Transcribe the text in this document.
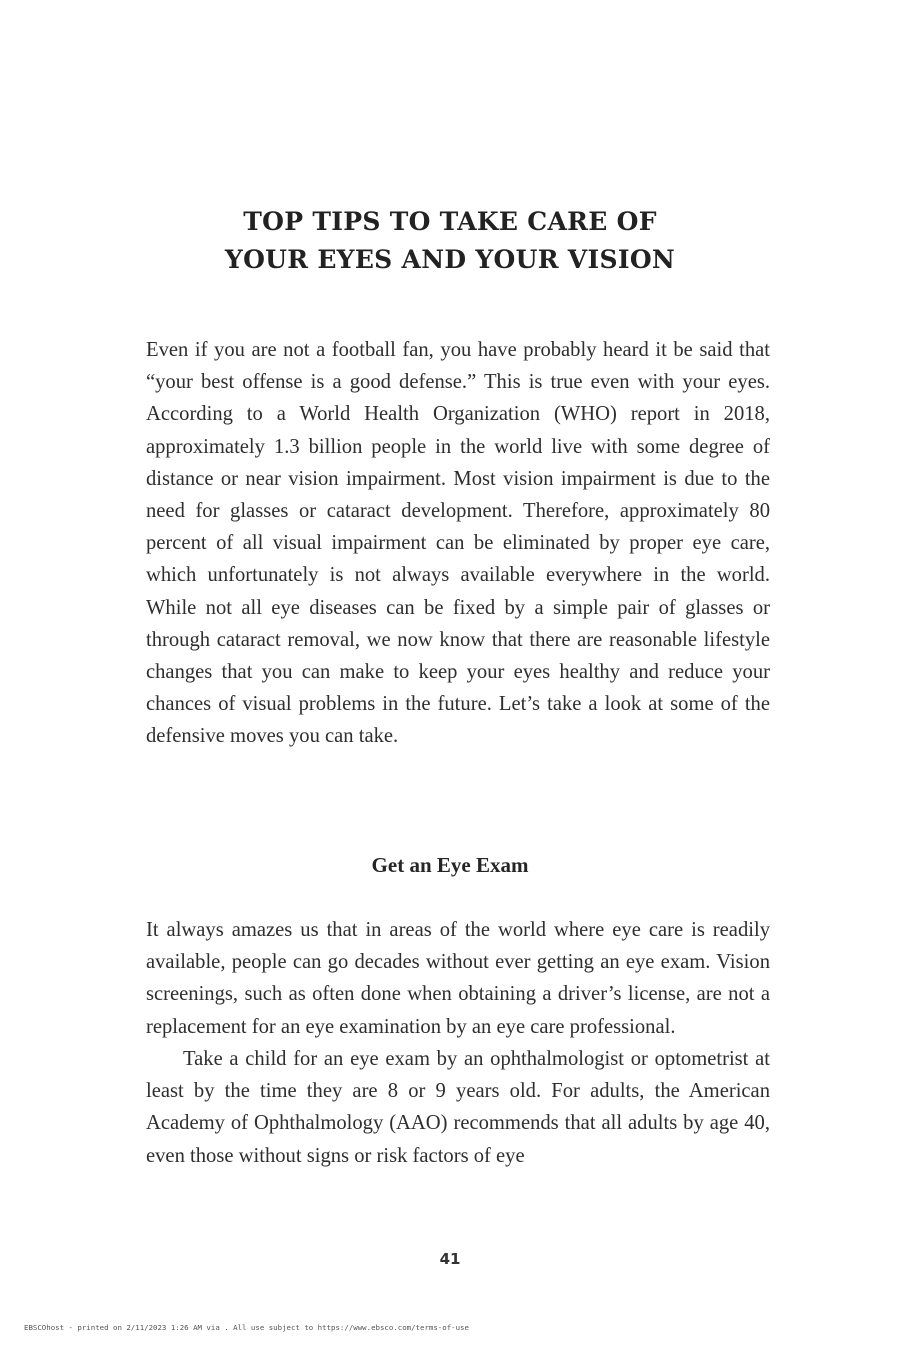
TOP TIPS TO TAKE CARE OF
YOUR EYES AND YOUR VISION

Even if you are not a football fan, you have probably heard it be said that “your best offense is a good defense.” This is true even with your eyes. According to a World Health Organization (WHO) report in 2018, approximately 1.3 billion people in the world live with some degree of distance or near vision impairment. Most vision impairment is due to the need for glasses or cataract development. Therefore, approximately 80 percent of all visual impairment can be eliminated by proper eye care, which unfortunately is not always available everywhere in the world. While not all eye diseases can be fixed by a simple pair of glasses or through cataract removal, we now know that there are reasonable lifestyle changes that you can make to keep your eyes healthy and reduce your chances of visual problems in the future. Let’s take a look at some of the defensive moves you can take.

Get an Eye Exam

It always amazes us that in areas of the world where eye care is readily available, people can go decades without ever getting an eye exam. Vision screenings, such as often done when obtaining a driver’s license, are not a replacement for an eye examination by an eye care professional.

Take a child for an eye exam by an ophthalmologist or optometrist at least by the time they are 8 or 9 years old. For adults, the American Academy of Ophthalmology (AAO) recommends that all adults by age 40, even those without signs or risk factors of eye

41
EBSCOhost - printed on 2/11/2023 1:26 AM via . All use subject to https://www.ebsco.com/terms-of-use
